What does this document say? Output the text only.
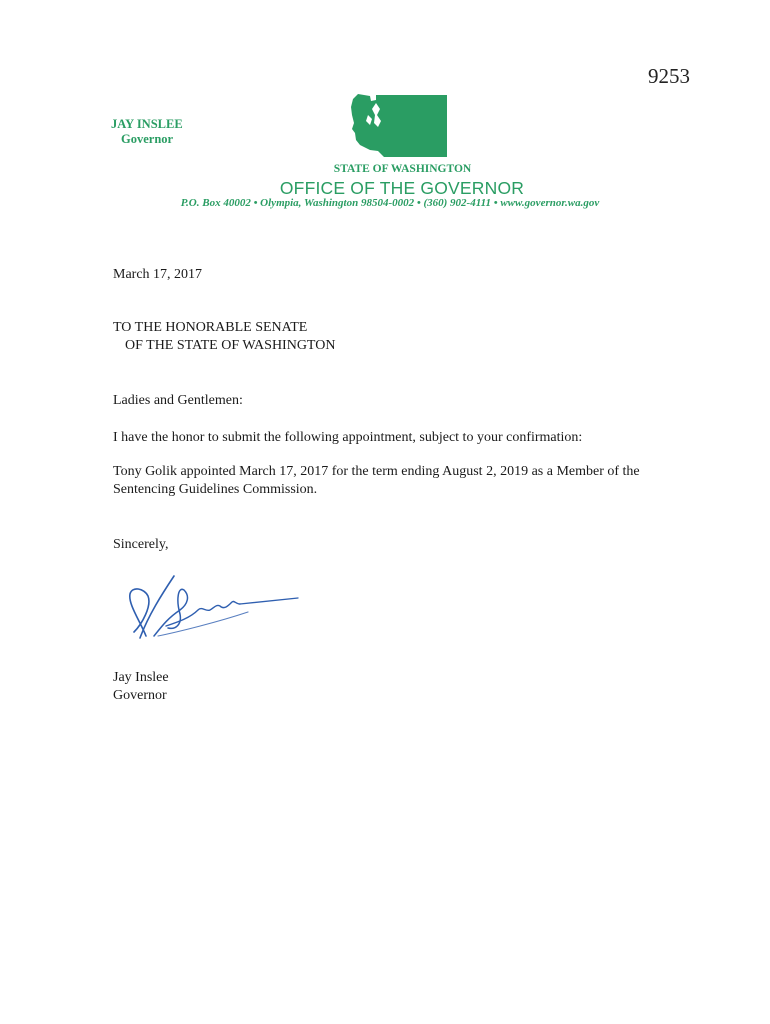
9253
JAY INSLEE
Governor
STATE OF WASHINGTON
OFFICE OF THE GOVERNOR
P.O. Box 40002 • Olympia, Washington 98504-0002 • (360) 902-4111 • www.governor.wa.gov
March 17, 2017
TO THE HONORABLE SENATE
OF THE STATE OF WASHINGTON
Ladies and Gentlemen:
I have the honor to submit the following appointment, subject to your confirmation:
Tony Golik appointed March 17, 2017 for the term ending August 2, 2019 as a Member of the Sentencing Guidelines Commission.
Sincerely,
Jay Inslee
Governor
